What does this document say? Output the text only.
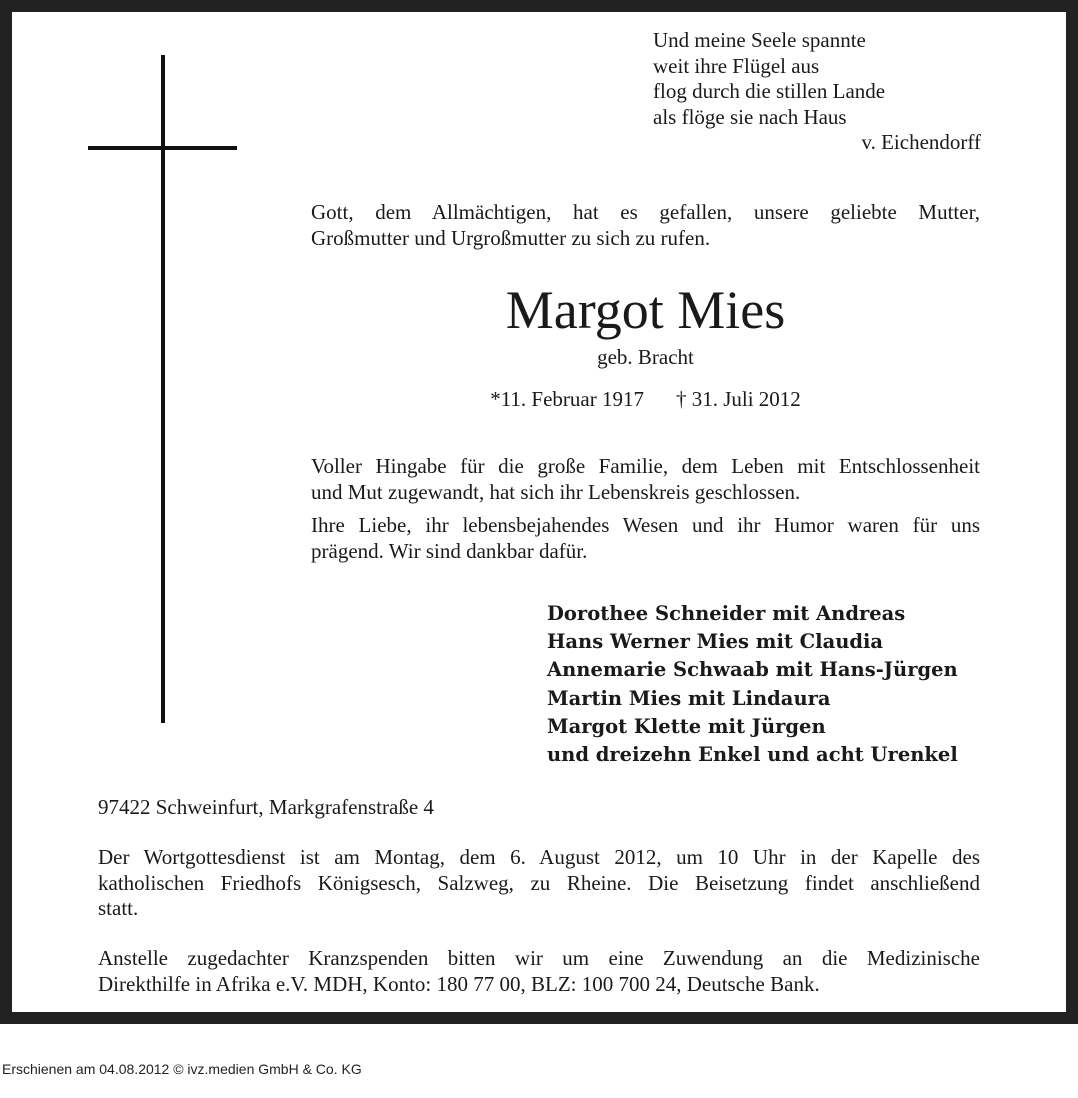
Und meine Seele spannte
weit ihre Flügel aus
flog durch die stillen Lande
als flöge sie nach Haus
v. Eichendorff
Gott, dem Allmächtigen, hat es gefallen, unsere geliebte Mutter,
Großmutter und Urgroßmutter zu sich zu rufen.
Margot Mies
geb. Bracht
*11. Februar 1917 † 31. Juli 2012
Voller Hingabe für die große Familie, dem Leben mit Entschlossenheit
und Mut zugewandt, hat sich ihr Lebenskreis geschlossen.
Ihre Liebe, ihr lebensbejahendes Wesen und ihr Humor waren für uns
prägend. Wir sind dankbar dafür.
Dorothee Schneider mit Andreas
Hans Werner Mies mit Claudia
Annemarie Schwaab mit Hans-Jürgen
Martin Mies mit Lindaura
Margot Klette mit Jürgen
und dreizehn Enkel und acht Urenkel
97422 Schweinfurt, Markgrafenstraße 4
Der Wortgottesdienst ist am Montag, dem 6. August 2012, um 10 Uhr in der Kapelle des
katholischen Friedhofs Königsesch, Salzweg, zu Rheine. Die Beisetzung findet anschließend
statt.
Anstelle zugedachter Kranzspenden bitten wir um eine Zuwendung an die Medizinische
Direkthilfe in Afrika e.V. MDH, Konto: 180 77 00, BLZ: 100 700 24, Deutsche Bank.
Erschienen am 04.08.2012 © ivz.medien GmbH & Co. KG
